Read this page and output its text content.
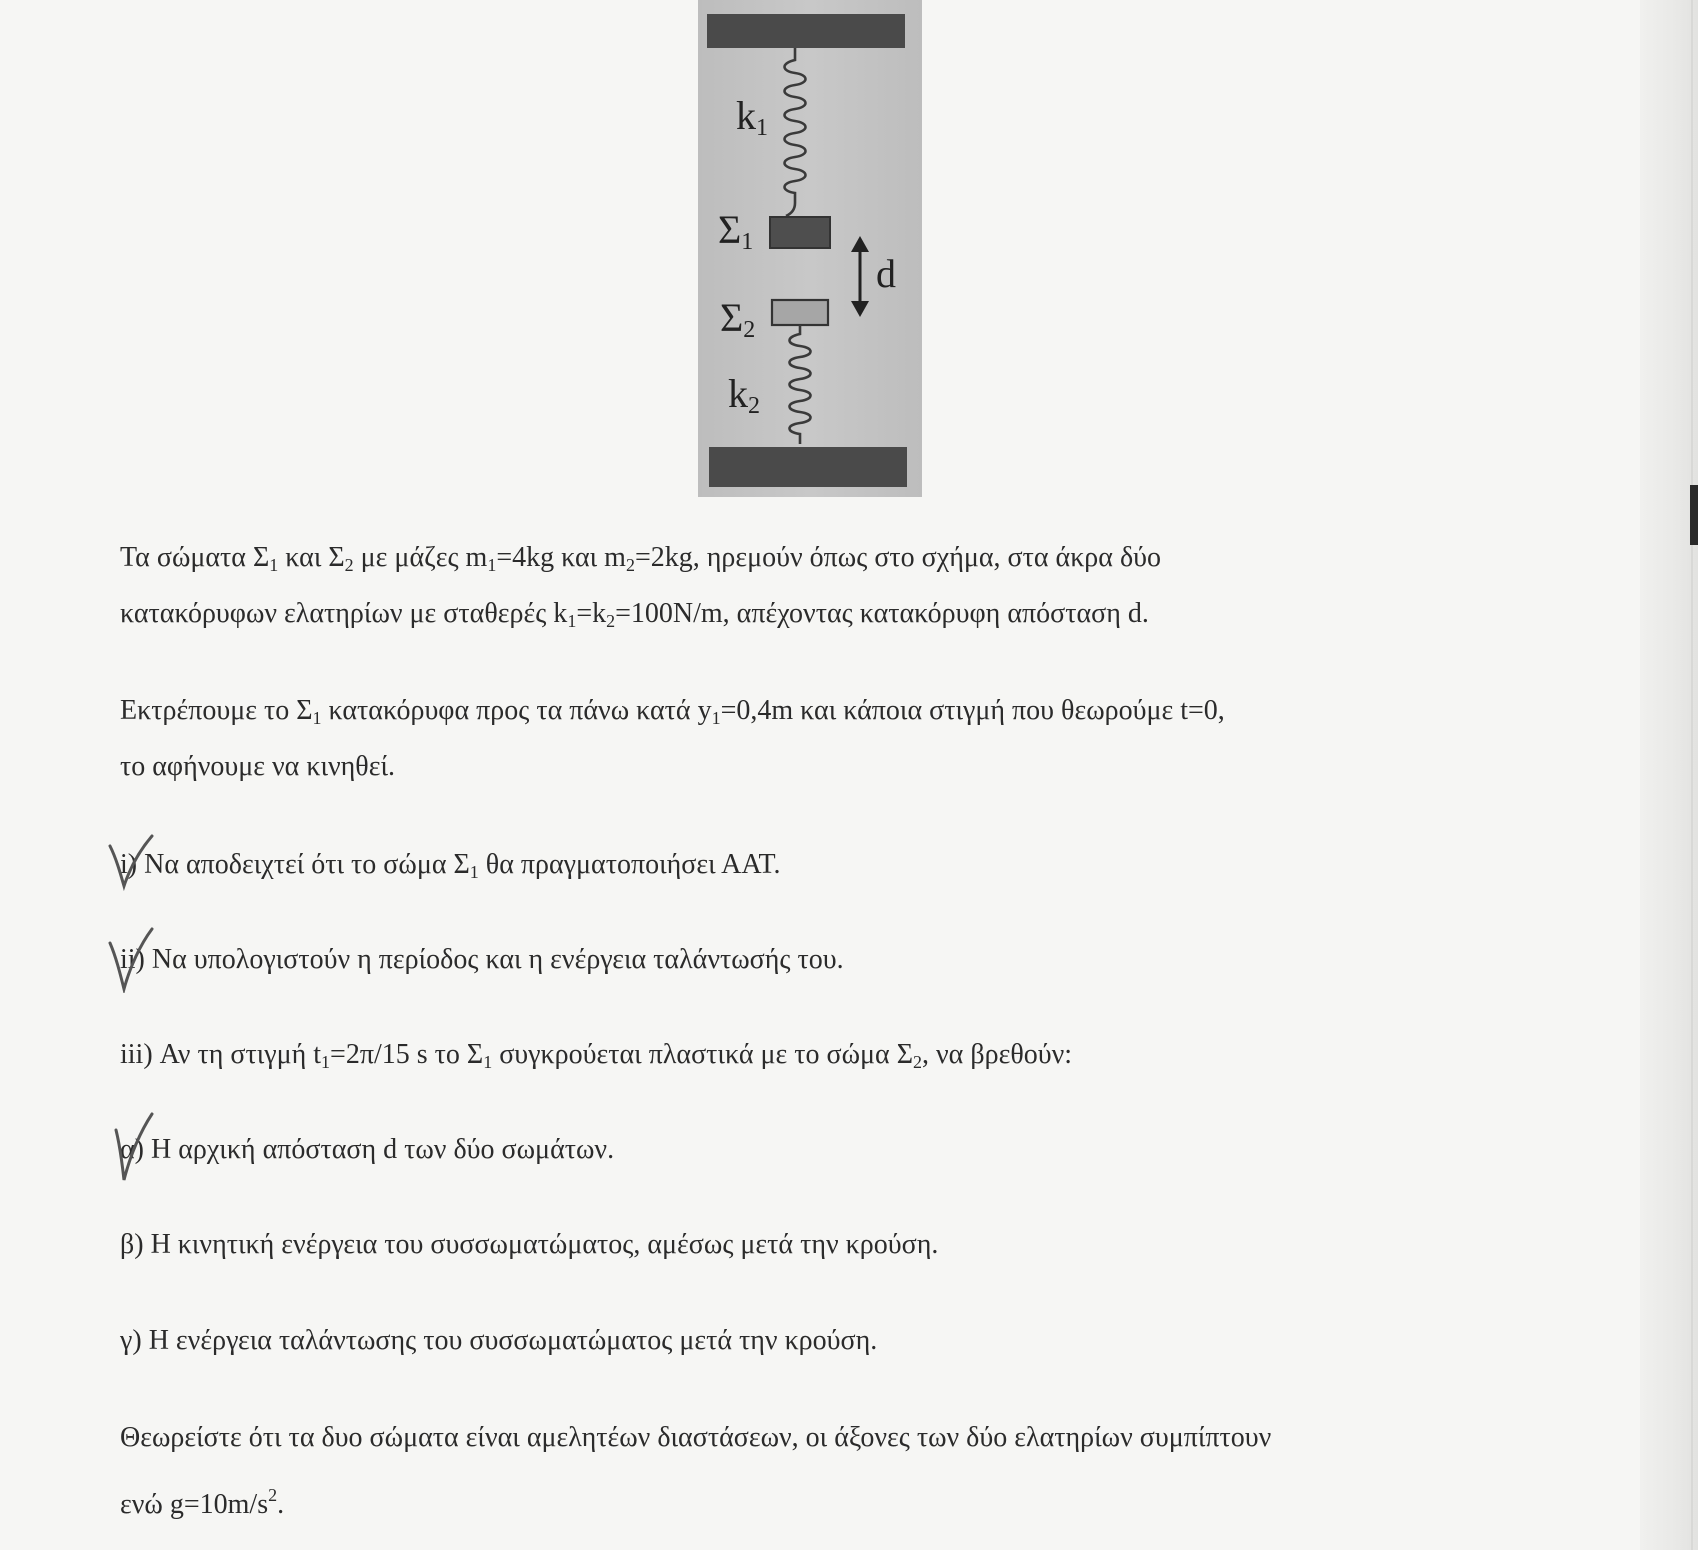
$k_1$
$\Sigma_1$
d
$\Sigma_2$
$k_2$
Τα σώματα $\Sigma_1$ και $\Sigma_2$ με μάζες $m_1=4kg$ και $m_2=2kg$, ηρεμούν όπως στο σχήμα, στα άκρα δύο
κατακόρυφων ελατηρίων με σταθερές $k_1=k_2=100N/m$, απέχοντας κατακόρυφη απόσταση d.
Εκτρέπουμε το $\Sigma_1$ κατακόρυφα προς τα πάνω κατά $y_1=0,4m$ και κάποια στιγμή που θεωρούμε t=0,
το αφήνουμε να κινηθεί.
i) Να αποδειχτεί ότι το σώμα $\Sigma_1$ θα πραγματοποιήσει ΑΑΤ.
ii) Να υπολογιστούν η περίοδος και η ενέργεια ταλάντωσής του.
iii) Αν τη στιγμή $t_1=2\pi/15$ s το $\Sigma_1$ συγκρούεται πλαστικά με το σώμα $\Sigma_2$, να βρεθούν:
α) Η αρχική απόσταση d των δύο σωμάτων.
β) Η κινητική ενέργεια του συσσωματώματος, αμέσως μετά την κρούση.
γ) Η ενέργεια ταλάντωσης του συσσωματώματος μετά την κρούση.
Θεωρείστε ότι τα δυο σώματα είναι αμελητέων διαστάσεων, οι άξονες των δύο ελατηρίων συμπίπτουν
ενώ $g=10m/s^2$.
